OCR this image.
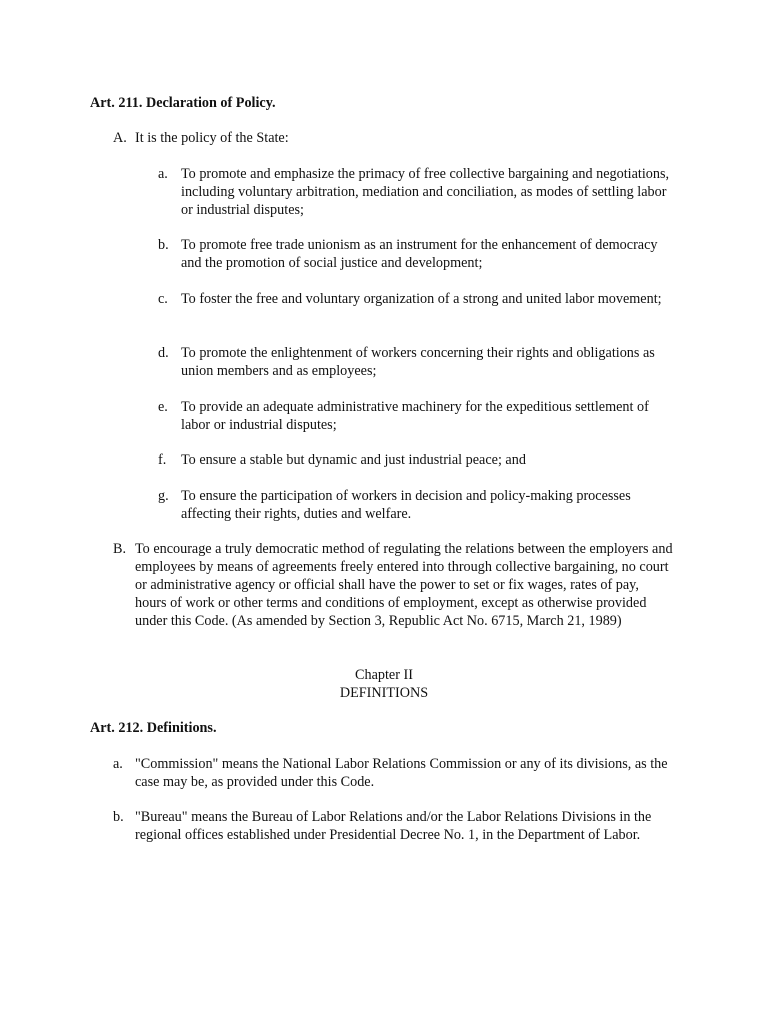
Art. 211. Declaration of Policy.
A. It is the policy of the State:
a. To promote and emphasize the primacy of free collective bargaining and negotiations, including voluntary arbitration, mediation and conciliation, as modes of settling labor or industrial disputes;
b. To promote free trade unionism as an instrument for the enhancement of democracy and the promotion of social justice and development;
c. To foster the free and voluntary organization of a strong and united labor movement;
d. To promote the enlightenment of workers concerning their rights and obligations as union members and as employees;
e. To provide an adequate administrative machinery for the expeditious settlement of labor or industrial disputes;
f.	To ensure a stable but dynamic and just industrial peace; and
g. To ensure the participation of workers in decision and policy-making processes affecting their rights, duties and welfare.
B. To encourage a truly democratic method of regulating the relations between the employers and employees by means of agreements freely entered into through collective bargaining, no court or administrative agency or official shall have the power to set or fix wages, rates of pay, hours of work or other terms and conditions of employment, except as otherwise provided under this Code. (As amended by Section 3, Republic Act No. 6715, March 21, 1989)
Chapter II
DEFINITIONS
Art. 212. Definitions.
a. "Commission" means the National Labor Relations Commission or any of its divisions, as the case may be, as provided under this Code.
b. "Bureau" means the Bureau of Labor Relations and/or the Labor Relations Divisions in the regional offices established under Presidential Decree No. 1, in the Department of Labor.
